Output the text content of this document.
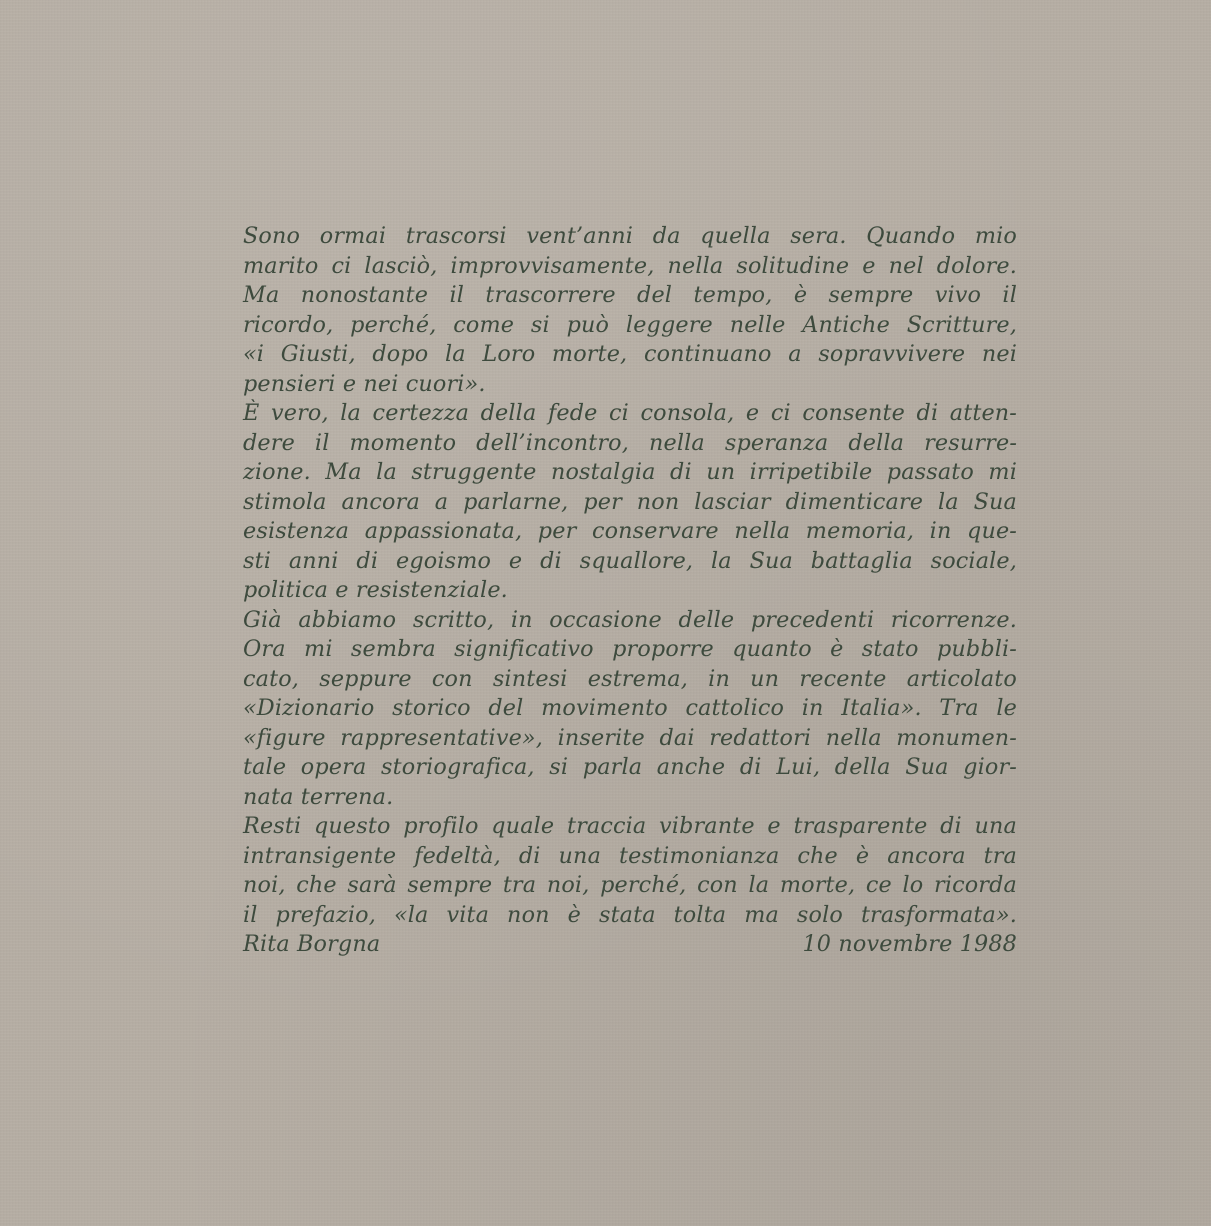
Sono ormai trascorsi vent’anni da quella sera. Quando mio
marito ci lasciò, improvvisamente, nella solitudine e nel dolore.
Ma nonostante il trascorrere del tempo, è sempre vivo il
ricordo, perché, come si può leggere nelle Antiche Scritture,
«i Giusti, dopo la Loro morte, continuano a sopravvivere nei
pensieri e nei cuori».
È vero, la certezza della fede ci consola, e ci consente di atten-
dere il momento dell’incontro, nella speranza della resurre-
zione. Ma la struggente nostalgia di un irripetibile passato mi
stimola ancora a parlarne, per non lasciar dimenticare la Sua
esistenza appassionata, per conservare nella memoria, in que-
sti anni di egoismo e di squallore, la Sua battaglia sociale,
politica e resistenziale.
Già abbiamo scritto, in occasione delle precedenti ricorrenze.
Ora mi sembra significativo proporre quanto è stato pubbli-
cato, seppure con sintesi estrema, in un recente articolato
«Dizionario storico del movimento cattolico in Italia». Tra le
«figure rappresentative», inserite dai redattori nella monumen-
tale opera storiografica, si parla anche di Lui, della Sua gior-
nata terrena.
Resti questo profilo quale traccia vibrante e trasparente di una
intransigente fedeltà, di una testimonianza che è ancora tra
noi, che sarà sempre tra noi, perché, con la morte, ce lo ricorda
il prefazio, «la vita non è stata tolta ma solo trasformata».
Rita Borgna	10 novembre 1988
